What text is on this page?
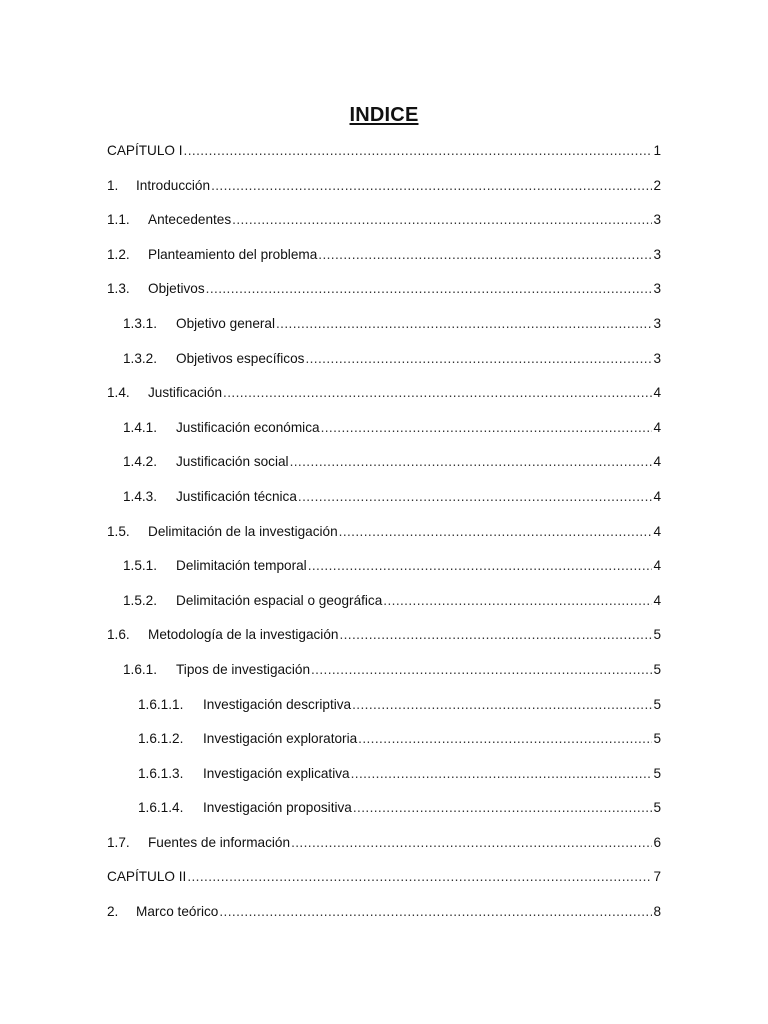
INDICE
CAPÍTULO I .....	1
1.	Introducción .....	2
1.1.	Antecedentes .....	3
1.2.	Planteamiento del problema .....	3
1.3.	Objetivos .....	3
1.3.1.	Objetivo general .....	3
1.3.2.	Objetivos específicos .....	3
1.4.	Justificación .....	4
1.4.1.	Justificación económica .....	4
1.4.2.	Justificación social .....	4
1.4.3.	Justificación técnica .....	4
1.5.	Delimitación de la investigación .....	4
1.5.1.	Delimitación temporal .....	4
1.5.2.	Delimitación espacial o geográfica .....	4
1.6.	Metodología de la investigación .....	5
1.6.1.	Tipos de investigación .....	5
1.6.1.1.	Investigación descriptiva .....	5
1.6.1.2.	Investigación exploratoria .....	5
1.6.1.3.	Investigación explicativa .....	5
1.6.1.4.	Investigación propositiva .....	5
1.7.	Fuentes de información .....	6
CAPÍTULO II .....	7
2.	Marco teórico .....	8
